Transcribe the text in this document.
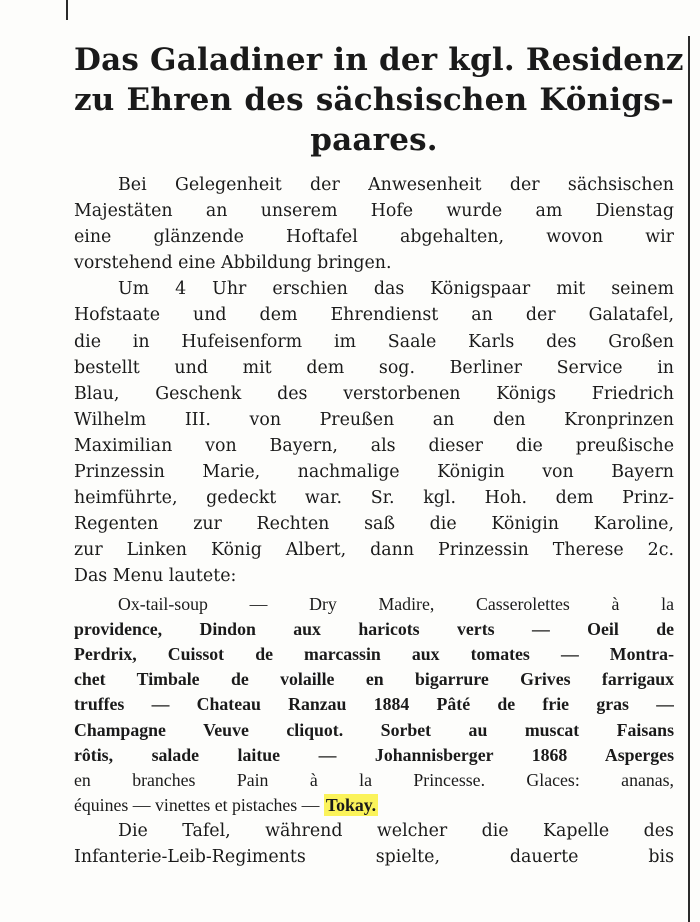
Das Galadiner in der kgl. Residenz
zu Ehren des sächsischen Königs-
paares.
Bei Gelegenheit der Anwesenheit der sächsischen
Majestäten an unserem Hofe wurde am Dienstag
eine glänzende Hoftafel abgehalten, wovon wir
vorstehend eine Abbildung bringen.
Um 4 Uhr erschien das Königspaar mit seinem
Hofstaate und dem Ehrendienst an der Galatafel,
die in Hufeisenform im Saale Karls des Großen
bestellt und mit dem sog. Berliner Service in
Blau, Geschenk des verstorbenen Königs Friedrich
Wilhelm III. von Preußen an den Kronprinzen
Maximilian von Bayern, als dieser die preußische
Prinzessin Marie, nachmalige Königin von Bayern
heimführte, gedeckt war. Sr. kgl. Hoh. dem Prinz-
Regenten zur Rechten saß die Königin Karoline,
zur Linken König Albert, dann Prinzessin Therese 2c.
Das Menu lautete:
Ox-tail-soup — Dry Madire, Casserolettes à la
providence, Dindon aux haricots verts — Oeil de
Perdrix, Cuissot de marcassin aux tomates — Montra-
chet Timbale de volaille en bigarrure Grives farrigaux
truffes — Chateau Ranzau 1884 Pâté de frie gras —
Champagne Veuve cliquot. Sorbet au muscat Faisans
rôtis, salade laitue — Johannisberger 1868 Asperges
en branches Pain à la Princesse. Glaces: ananas,
équines — vinettes et pistaches — Tokay.
Die Tafel, während welcher die Kapelle des
Infanterie-Leib-Regiments spielte, dauerte bis
